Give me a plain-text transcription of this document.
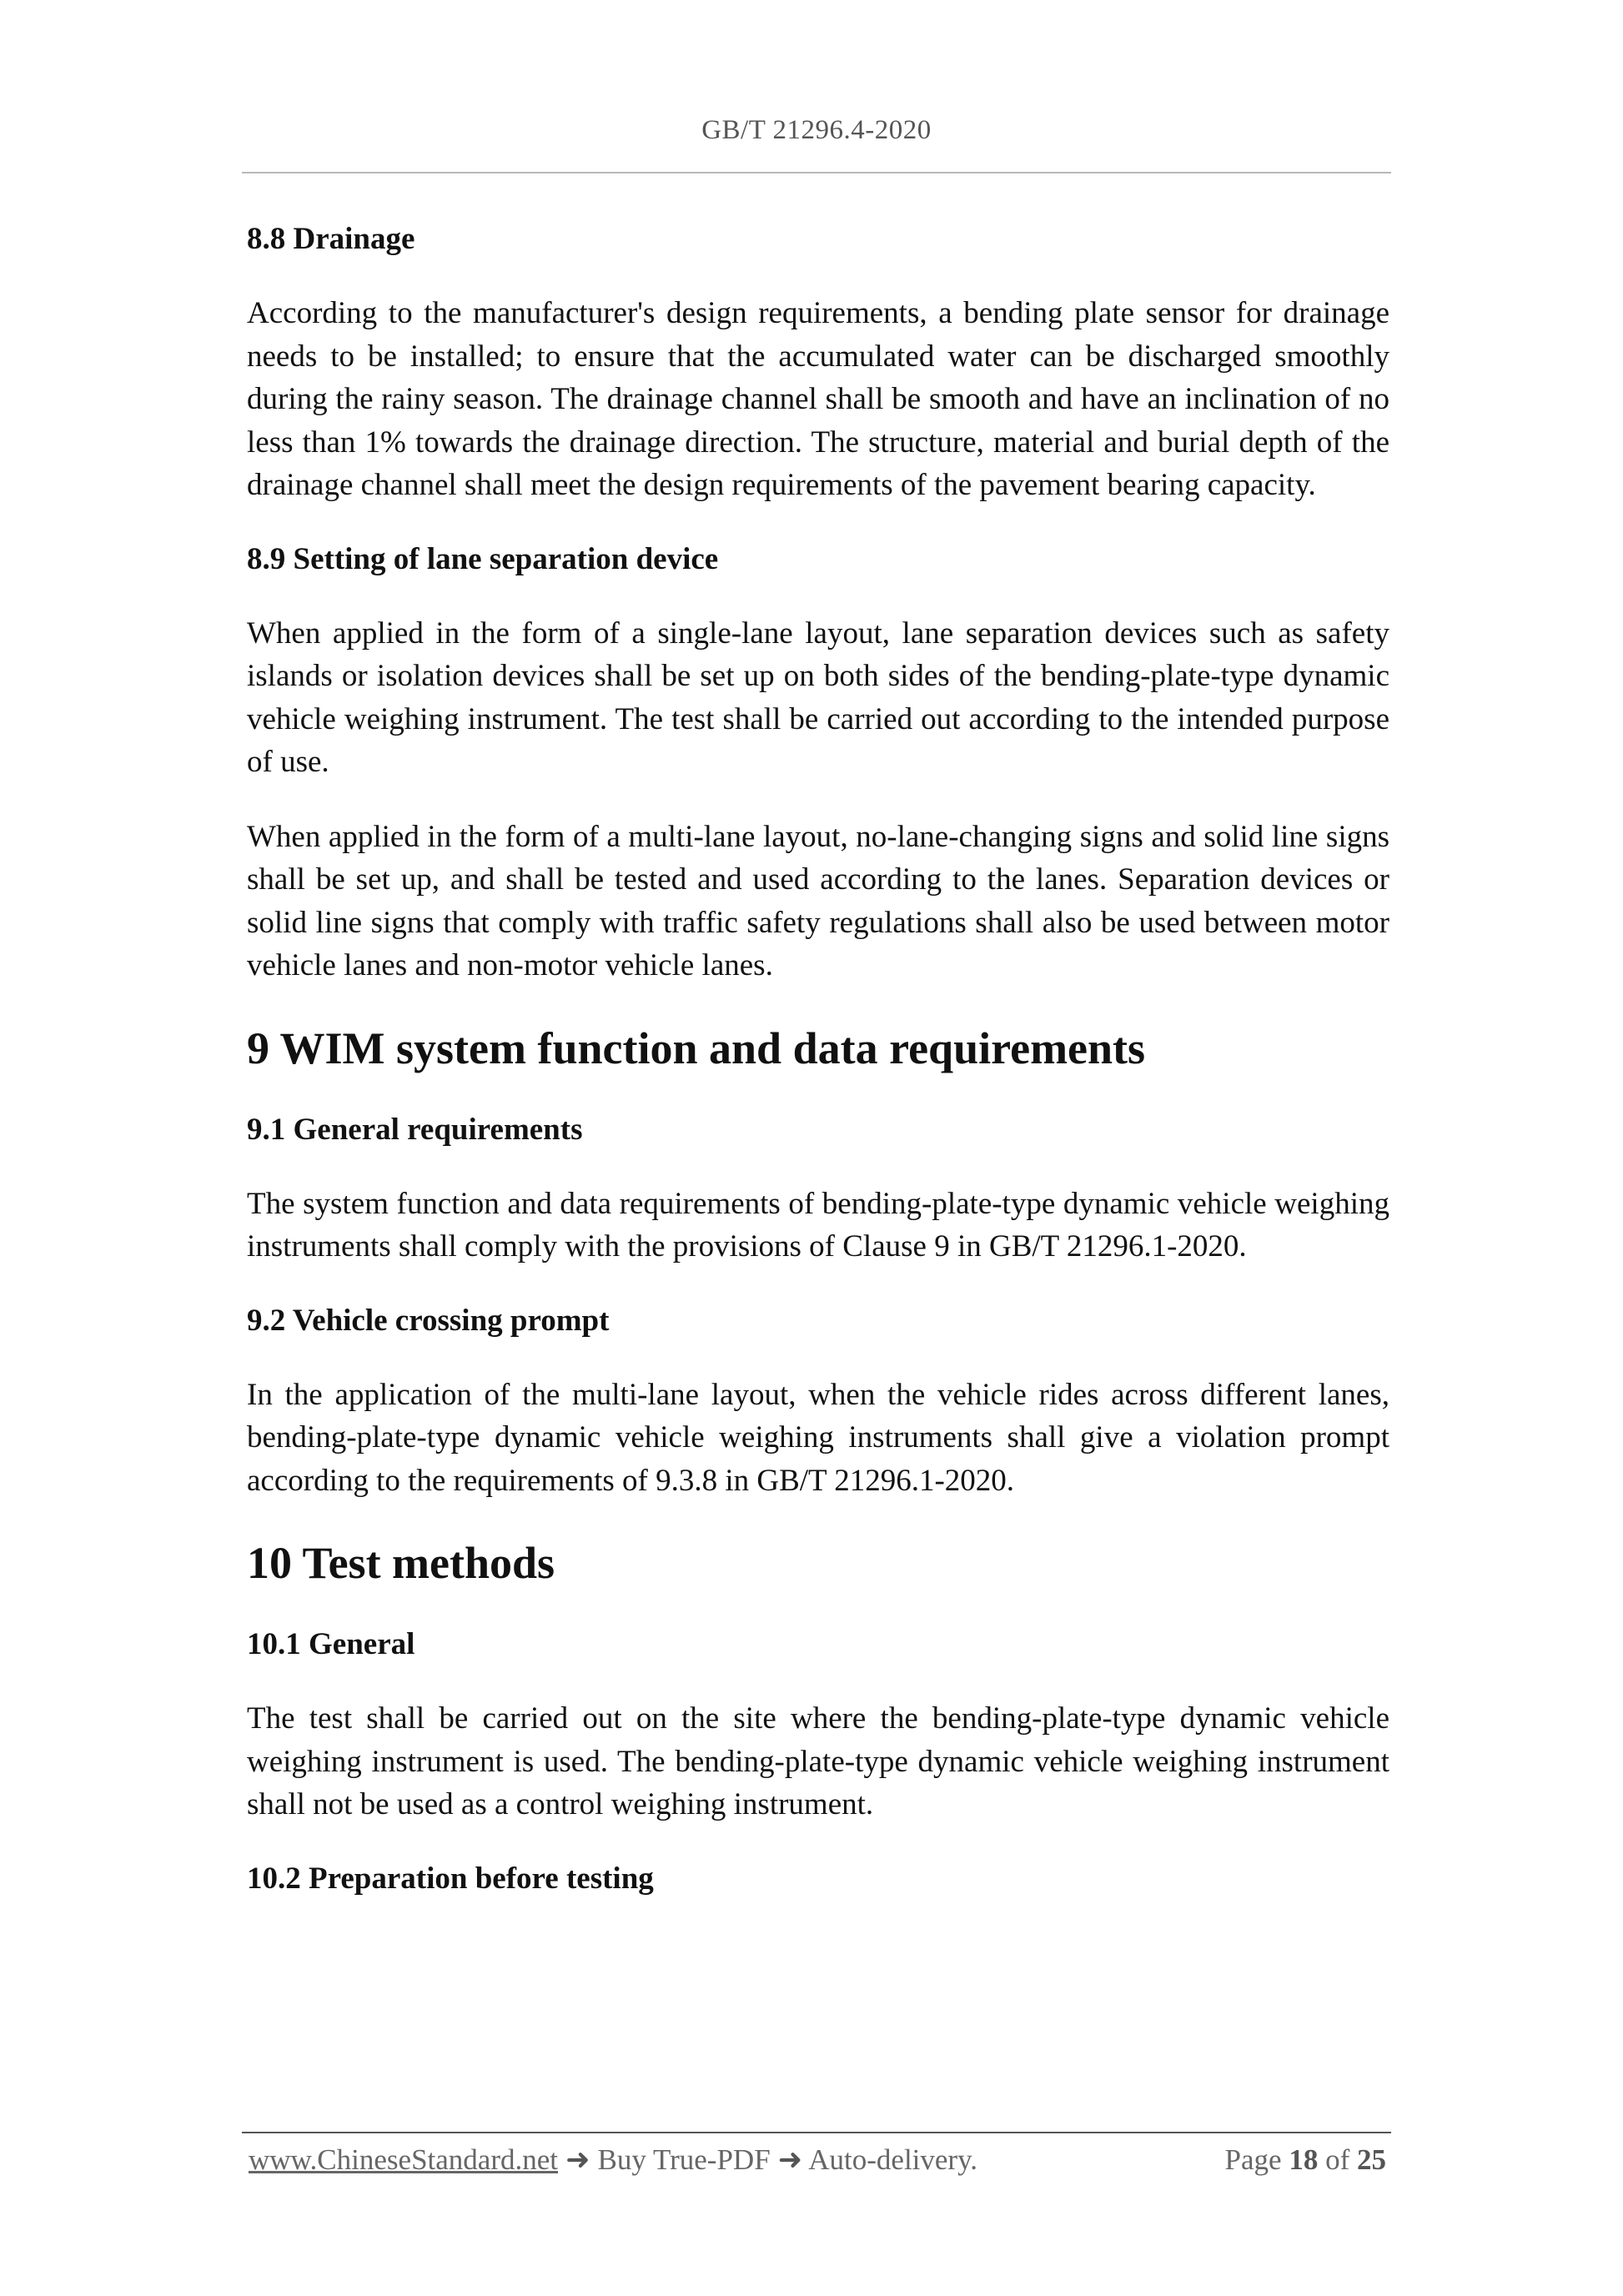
GB/T 21296.4-2020
8.8 Drainage
According to the manufacturer's design requirements, a bending plate sensor for drainage needs to be installed; to ensure that the accumulated water can be discharged smoothly during the rainy season. The drainage channel shall be smooth and have an inclination of no less than 1% towards the drainage direction. The structure, material and burial depth of the drainage channel shall meet the design requirements of the pavement bearing capacity.
8.9 Setting of lane separation device
When applied in the form of a single-lane layout, lane separation devices such as safety islands or isolation devices shall be set up on both sides of the bending-plate-type dynamic vehicle weighing instrument. The test shall be carried out according to the intended purpose of use.
When applied in the form of a multi-lane layout, no-lane-changing signs and solid line signs shall be set up, and shall be tested and used according to the lanes. Separation devices or solid line signs that comply with traffic safety regulations shall also be used between motor vehicle lanes and non-motor vehicle lanes.
9 WIM system function and data requirements
9.1 General requirements
The system function and data requirements of bending-plate-type dynamic vehicle weighing instruments shall comply with the provisions of Clause 9 in GB/T 21296.1-2020.
9.2 Vehicle crossing prompt
In the application of the multi-lane layout, when the vehicle rides across different lanes, bending-plate-type dynamic vehicle weighing instruments shall give a violation prompt according to the requirements of 9.3.8 in GB/T 21296.1-2020.
10 Test methods
10.1 General
The test shall be carried out on the site where the bending-plate-type dynamic vehicle weighing instrument is used. The bending-plate-type dynamic vehicle weighing instrument shall not be used as a control weighing instrument.
10.2 Preparation before testing
www.ChineseStandard.net ➜ Buy True-PDF ➜ Auto-delivery.	Page 18 of 25
